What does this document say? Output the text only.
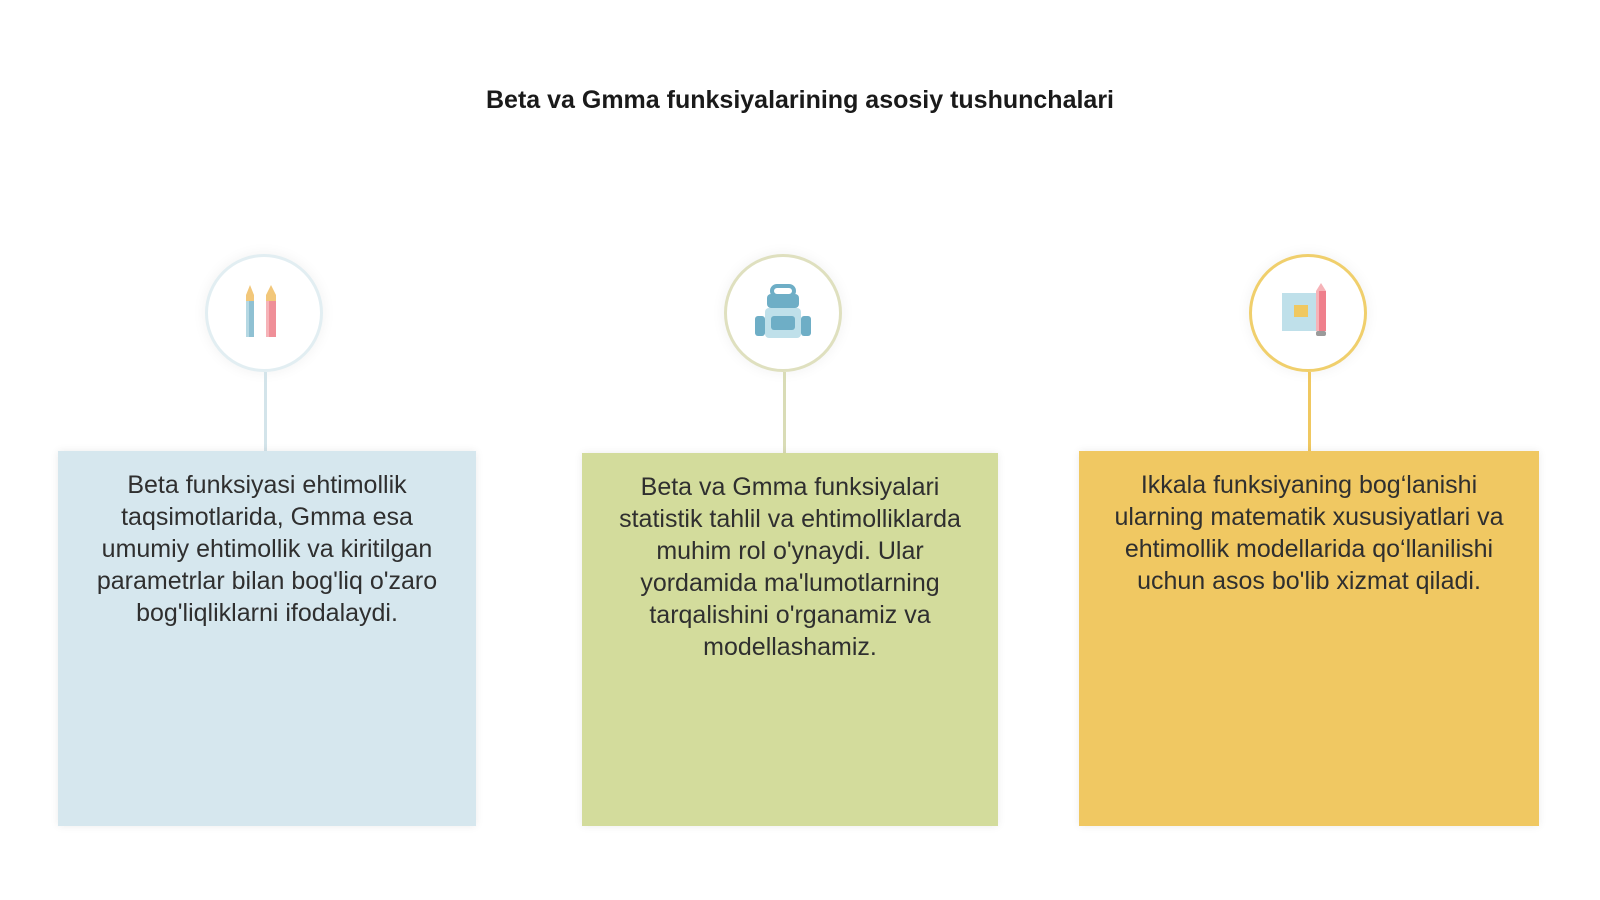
Beta va Gmma funksiyalarining asosiy tushunchalari
Beta funksiyasi ehtimollik taqsimotlarida, Gmma esa umumiy ehtimollik va kiritilgan parametrlar bilan bog'liq o'zaro bog'liqliklarni ifodalaydi.
Beta va Gmma funksiyalari statistik tahlil va ehtimolliklarda muhim rol o'ynaydi. Ular yordamida ma'lumotlarning tarqalishini o'rganamiz va modellashamiz.
Ikkala funksiyaning bog‘lanishi ularning matematik xususiyatlari va ehtimollik modellarida qo‘llanilishi uchun asos bo'lib xizmat qiladi.
